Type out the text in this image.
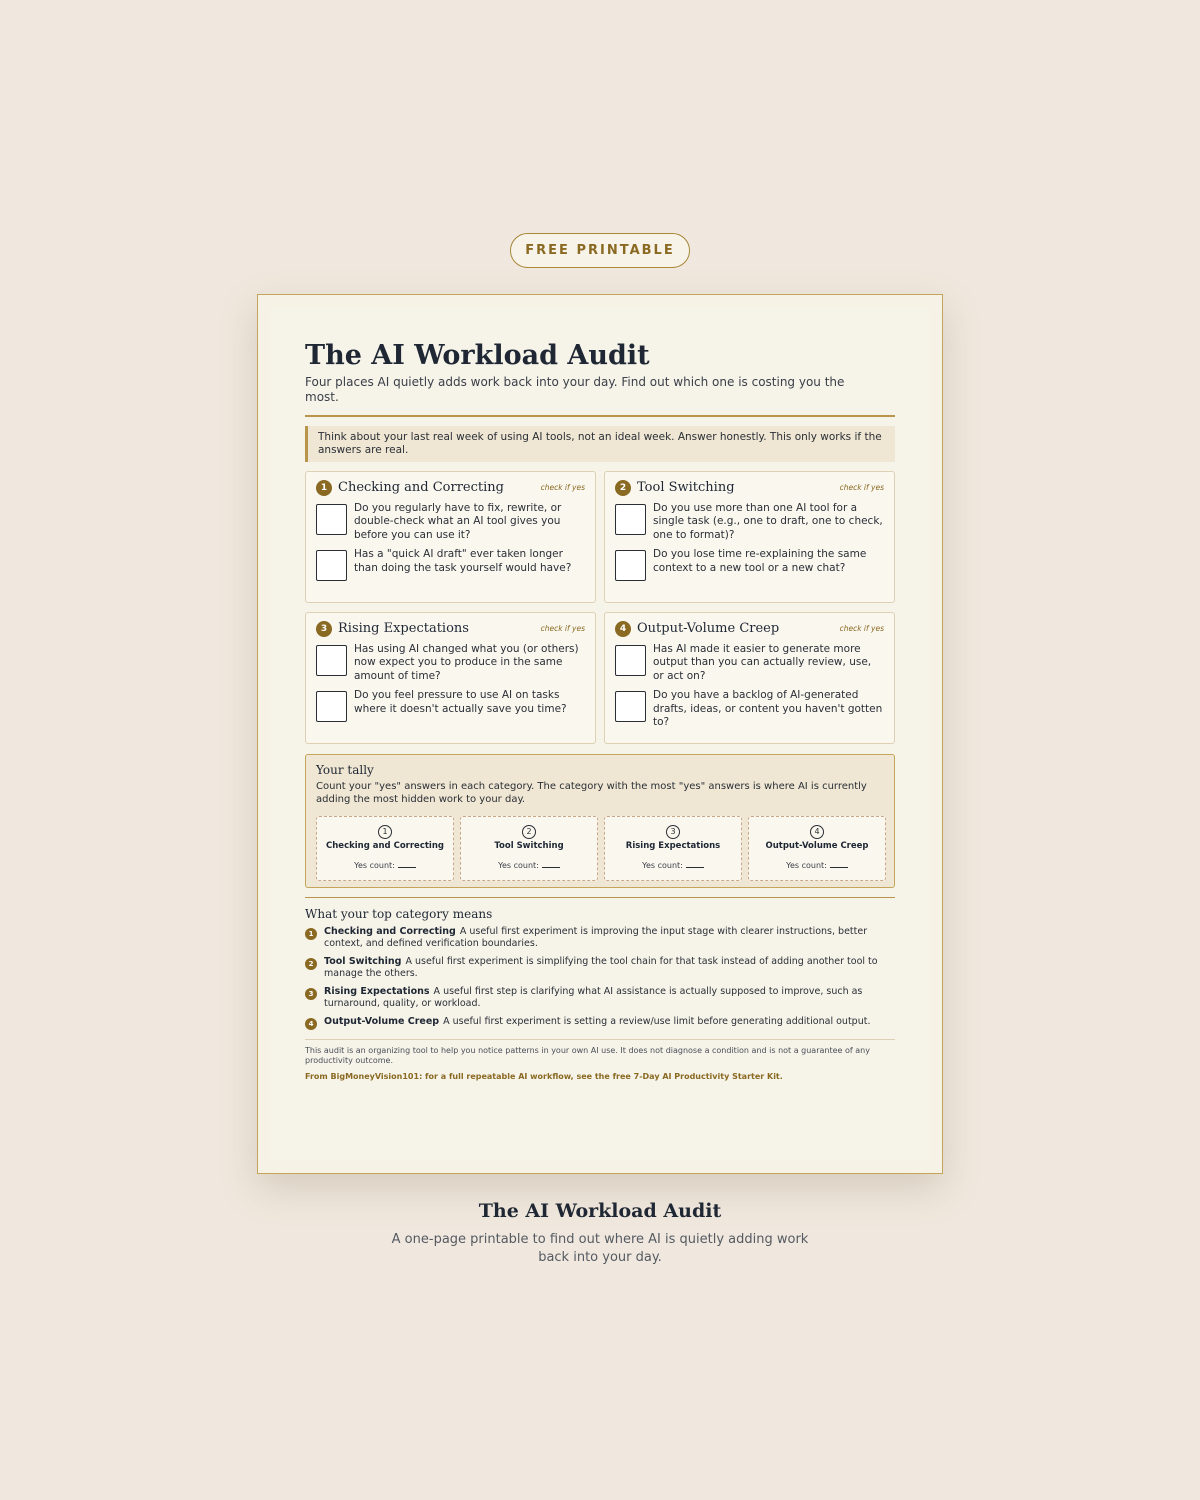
FREE PRINTABLE
The AI Workload Audit
Four places AI quietly adds work back into your day. Find out which one is costing you the most.
Think about your last real week of using AI tools, not an ideal week. Answer honestly. This only works if the answers are real.
1 Checking and Correcting	check if yes
Do you regularly have to fix, rewrite, or double-check what an AI tool gives you before you can use it?
Has a "quick AI draft" ever taken longer than doing the task yourself would have?
2 Tool Switching	check if yes
Do you use more than one AI tool for a single task (e.g., one to draft, one to check, one to format)?
Do you lose time re-explaining the same context to a new tool or a new chat?
3 Rising Expectations	check if yes
Has using AI changed what you (or others) now expect you to produce in the same amount of time?
Do you feel pressure to use AI on tasks where it doesn't actually save you time?
4 Output-Volume Creep	check if yes
Has AI made it easier to generate more output than you can actually review, use, or act on?
Do you have a backlog of AI-generated drafts, ideas, or content you haven't gotten to?
Your tally
Count your "yes" answers in each category. The category with the most "yes" answers is where AI is currently adding the most hidden work to your day.
1
Checking and Correcting
Yes count:
2
Tool Switching
Yes count:
3
Rising Expectations
Yes count:
4
Output-Volume Creep
Yes count:
What your top category means
1	Checking and Correcting A useful first experiment is improving the input stage with clearer instructions, better context, and defined verification boundaries.
2	Tool Switching A useful first experiment is simplifying the tool chain for that task instead of adding another tool to manage the others.
3	Rising Expectations A useful first step is clarifying what AI assistance is actually supposed to improve, such as turnaround, quality, or workload.
4	Output-Volume Creep A useful first experiment is setting a review/use limit before generating additional output.
This audit is an organizing tool to help you notice patterns in your own AI use. It does not diagnose a condition and is not a guarantee of any productivity outcome.
From BigMoneyVision101: for a full repeatable AI workflow, see the free 7-Day AI Productivity Starter Kit.
The AI Workload Audit
A one-page printable to find out where AI is quietly adding work back into your day.
